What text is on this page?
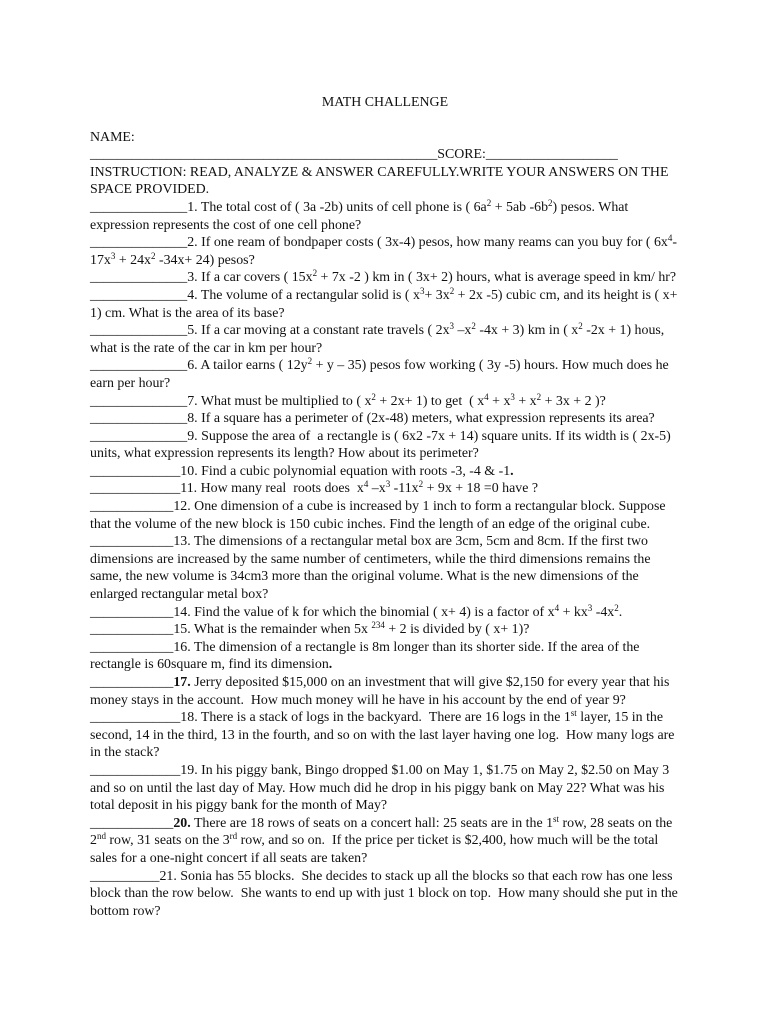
MATH CHALLENGE
NAME:
__________________________________________________SCORE:___________________
INSTRUCTION: READ, ANALYZE & ANSWER CAREFULLY.WRITE YOUR ANSWERS ON THE SPACE PROVIDED.
______________1. The total cost of ( 3a -2b) units of cell phone is ( $6a^2 + 5ab$ $-6b^2$) pesos. What expression represents the cost of one cell phone?
______________2. If one ream of bondpaper costs ( 3x-4) pesos, how many reams can you buy for ( $6x^4-17x^3 + 24x^2$ -34x+ 24) pesos?
______________3. If a car covers ( $15x^2 + 7x$ -2 ) km in ( 3x+ 2) hours, what is average speed in km/ hr?
______________4. The volume of a rectangular solid is ( $x^3+ 3x^2 + 2x$ -5) cubic cm, and its height is ( x+ 1) cm. What is the area of its base?
______________5. If a car moving at a constant rate travels ( $2x^3$ $-x^2$ -4x + 3) km in ( $x^2$ -2x + 1) hous, what is the rate of the car in km per hour?
______________6. A tailor earns ( $12y^2 + y - 35$) pesos fow working ( 3y -5) hours. How much does he earn per hour?
______________7. What must be multiplied to ( $x^2 + 2x+ 1$) to get  ( $x^4 + x^3 + x^2 + 3x + 2$ )?
______________8. If a square has a perimeter of (2x-48) meters, what expression represents its area?
______________9. Suppose the area of  a rectangle is ( 6x2 -7x + 14) square units. If its width is ( 2x-5) units, what expression represents its length? How about its perimeter?
_____________10. Find a cubic polynomial equation with roots -3, -4 & -1.
_____________11. How many real  roots does  $x^4$ $-x^3$ $-11x^2 + 9x + 18 =0$ have ?
____________12. One dimension of a cube is increased by 1 inch to form a rectangular block. Suppose that the volume of the new block is 150 cubic inches. Find the length of an edge of the original cube.
____________13. The dimensions of a rectangular metal box are 3cm, 5cm and 8cm. If the first two dimensions are increased by the same number of centimeters, while the third dimensions remains the same, the new volume is 34cm3 more than the original volume. What is the new dimensions of the enlarged rectangular metal box?
____________14. Find the value of k for which the binomial ( x+ 4) is a factor of $x^4 + kx^3$ $-4x^2$.
____________15. What is the remainder when 5x $^{234}$ + 2 is divided by ( x+ 1)?
____________16. The dimension of a rectangle is 8m longer than its shorter side. If the area of the rectangle is 60square m, find its dimension.
____________17. Jerry deposited $15,000 on an investment that will give $2,150 for every year that his money stays in the account.  How much money will he have in his account by the end of year 9?
_____________18. There is a stack of logs in the backyard.  There are 16 logs in the 1st layer, 15 in the second, 14 in the third, 13 in the fourth, and so on with the last layer having one log.  How many logs are in the stack?
_____________19. In his piggy bank, Bingo dropped $1.00 on May 1, $1.75 on May 2, $2.50 on May 3 and so on until the last day of May. How much did he drop in his piggy bank on May 22? What was his total deposit in his piggy bank for the month of May?
____________20. There are 18 rows of seats on a concert hall: 25 seats are in the 1st row, 28 seats on the 2nd row, 31 seats on the 3rd row, and so on.  If the price per ticket is $2,400, how much will be the total sales for a one-night concert if all seats are taken?
__________21. Sonia has 55 blocks.  She decides to stack up all the blocks so that each row has one less block than the row below.  She wants to end up with just 1 block on top.  How many should she put in the bottom row?
